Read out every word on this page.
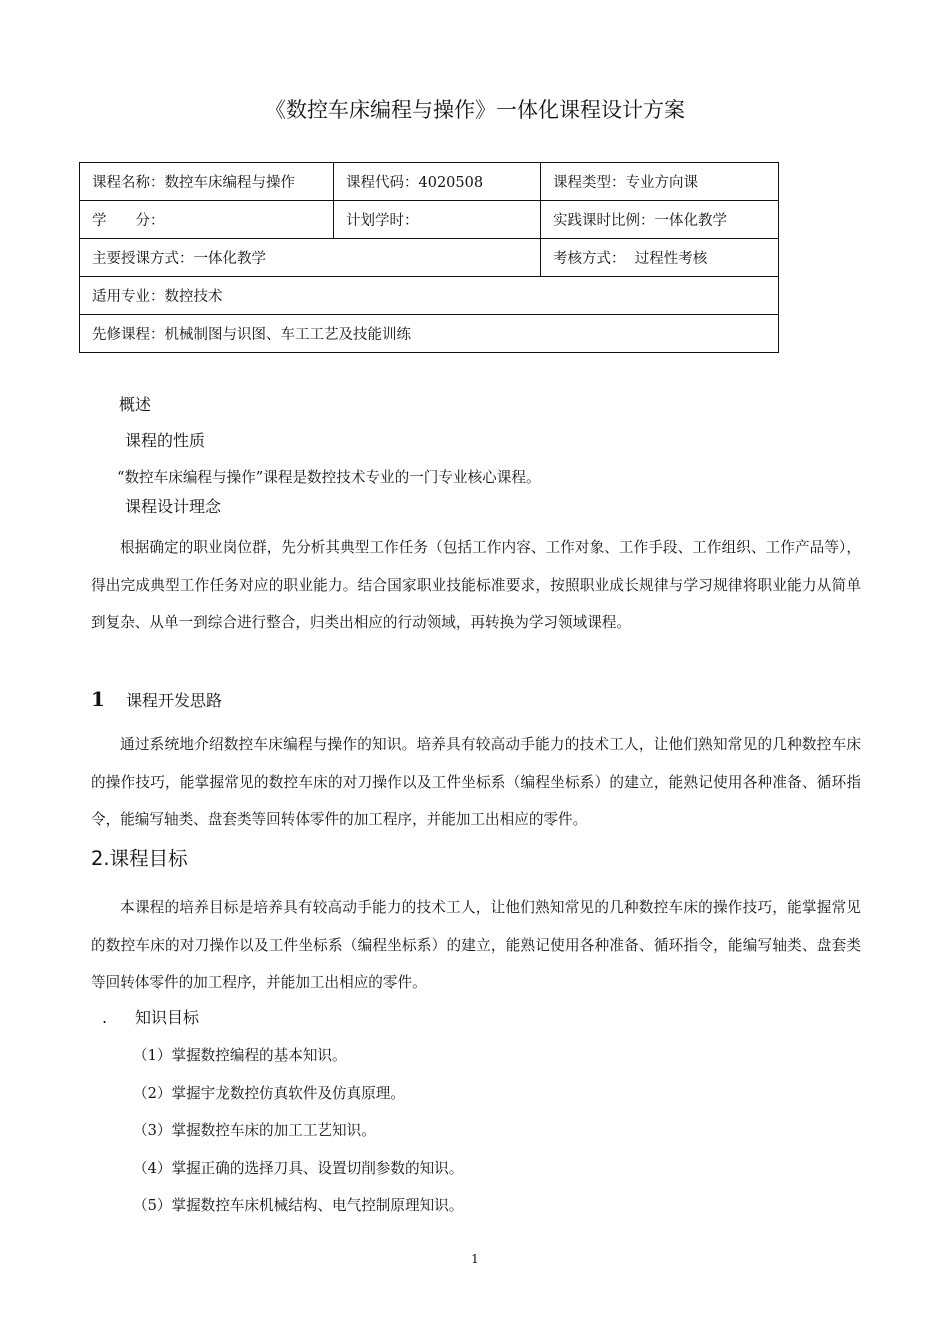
《数控车床编程与操作》一体化课程设计方案
课程名称：数控车床编程与操作	课程代码：4020508	课程类型：专业方向课
学　　分：	计划学时：	实践课时比例：一体化教学
主要授课方式：一体化教学		考核方式：  过程性考核
适用专业：数控技术		
先修课程：机械制图与识图、车工工艺及技能训练		
概述
课程的性质
“数控车床编程与操作”课程是数控技术专业的一门专业核心课程。
课程设计理念

根据确定的职业岗位群，先分析其典型工作任务（包括工作内容、工作对象、工作手段、工作组织、工作产品等），得出完成典型工作任务对应的职业能力。结合国家职业技能标准要求，按照职业成长规律与学习规律将职业能力从简单到复杂、从单一到综合进行整合，归类出相应的行动领域，再转换为学习领域课程。

1 课程开发思路

通过系统地介绍数控车床编程与操作的知识。培养具有较高动手能力的技术工人，让他们熟知常见的几种数控车床的操作技巧，能掌握常见的数控车床的对刀操作以及工件坐标系（编程坐标系）的建立，能熟记使用各种准备、循环指令，能编写轴类、盘套类等回转体零件的加工程序，并能加工出相应的零件。

2.课程目标

本课程的培养目标是培养具有较高动手能力的技术工人，让他们熟知常见的几种数控车床的操作技巧，能掌握常见的数控车床的对刀操作以及工件坐标系（编程坐标系）的建立，能熟记使用各种准备、循环指令，能编写轴类、盘套类等回转体零件的加工程序，并能加工出相应的零件。

. 知识目标
（1）掌握数控编程的基本知识。
（2）掌握宇龙数控仿真软件及仿真原理。
（3）掌握数控车床的加工工艺知识。
（4）掌握正确的选择刀具、设置切削参数的知识。
（5）掌握数控车床机械结构、电气控制原理知识。
1
